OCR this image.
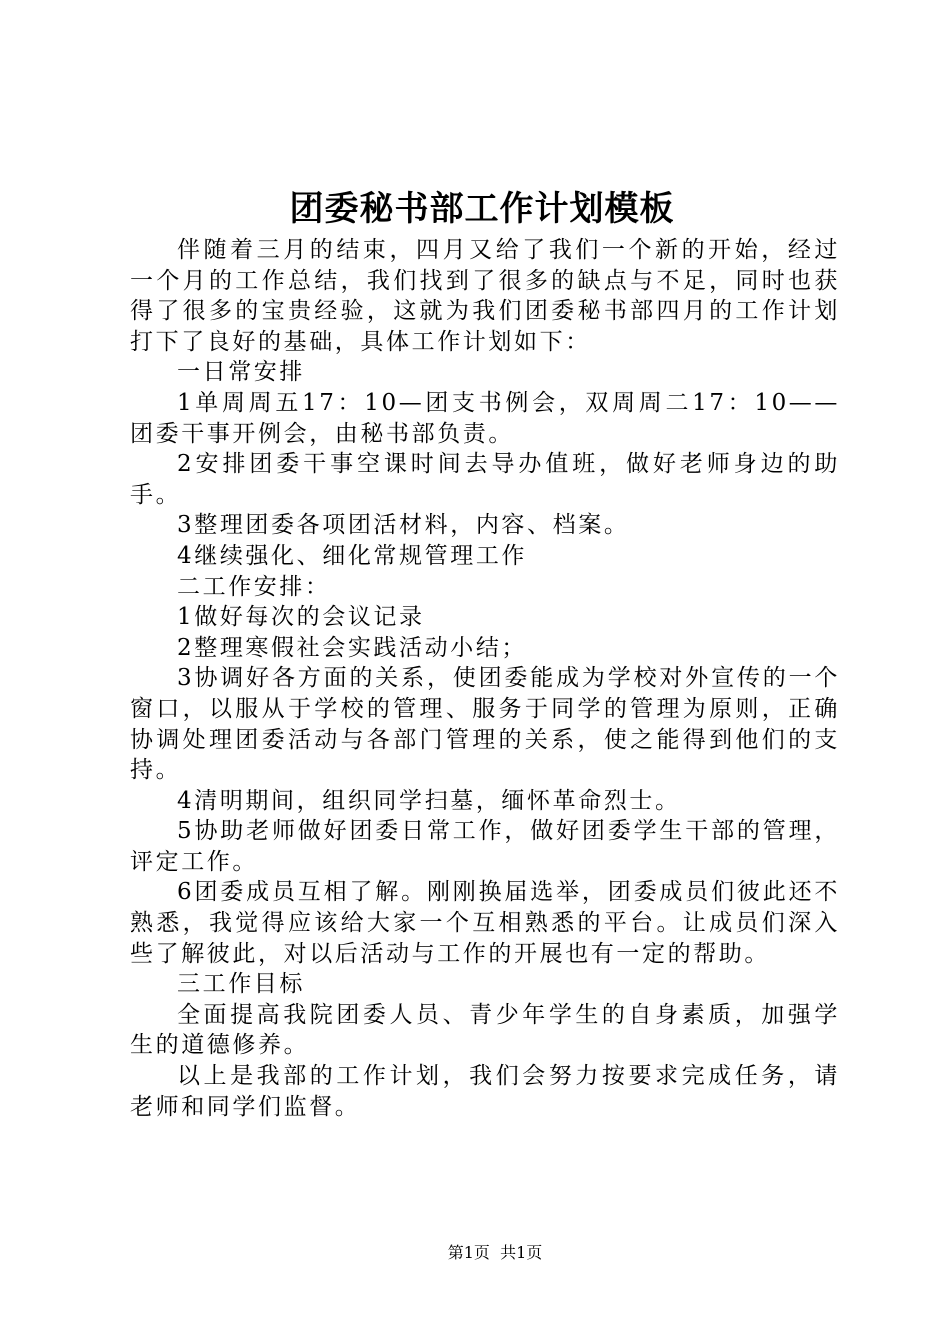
团委秘书部工作计划模板

伴随着三月的结束，四月又给了我们一个新的开始，经过一个月的工作总结，我们找到了很多的缺点与不足，同时也获得了很多的宝贵经验，这就为我们团委秘书部四月的工作计划打下了良好的基础，具体工作计划如下：

一日常安排

1单周周五17：10—团支书例会，双周周二17：10——团委干事开例会，由秘书部负责。

2安排团委干事空课时间去导办值班，做好老师身边的助手。

3整理团委各项团活材料，内容、档案。

4继续强化、细化常规管理工作

二工作安排：

1做好每次的会议记录

2整理寒假社会实践活动小结；

3协调好各方面的关系，使团委能成为学校对外宣传的一个窗口，以服从于学校的管理、服务于同学的管理为原则，正确协调处理团委活动与各部门管理的关系，使之能得到他们的支持。

4清明期间，组织同学扫墓，缅怀革命烈士。

5协助老师做好团委日常工作，做好团委学生干部的管理，评定工作。

6团委成员互相了解。刚刚换届选举，团委成员们彼此还不熟悉，我觉得应该给大家一个互相熟悉的平台。让成员们深入些了解彼此，对以后活动与工作的开展也有一定的帮助。

三工作目标

全面提高我院团委人员、青少年学生的自身素质，加强学生的道德修养。

以上是我部的工作计划，我们会努力按要求完成任务，请老师和同学们监督。

第1页 共1页
